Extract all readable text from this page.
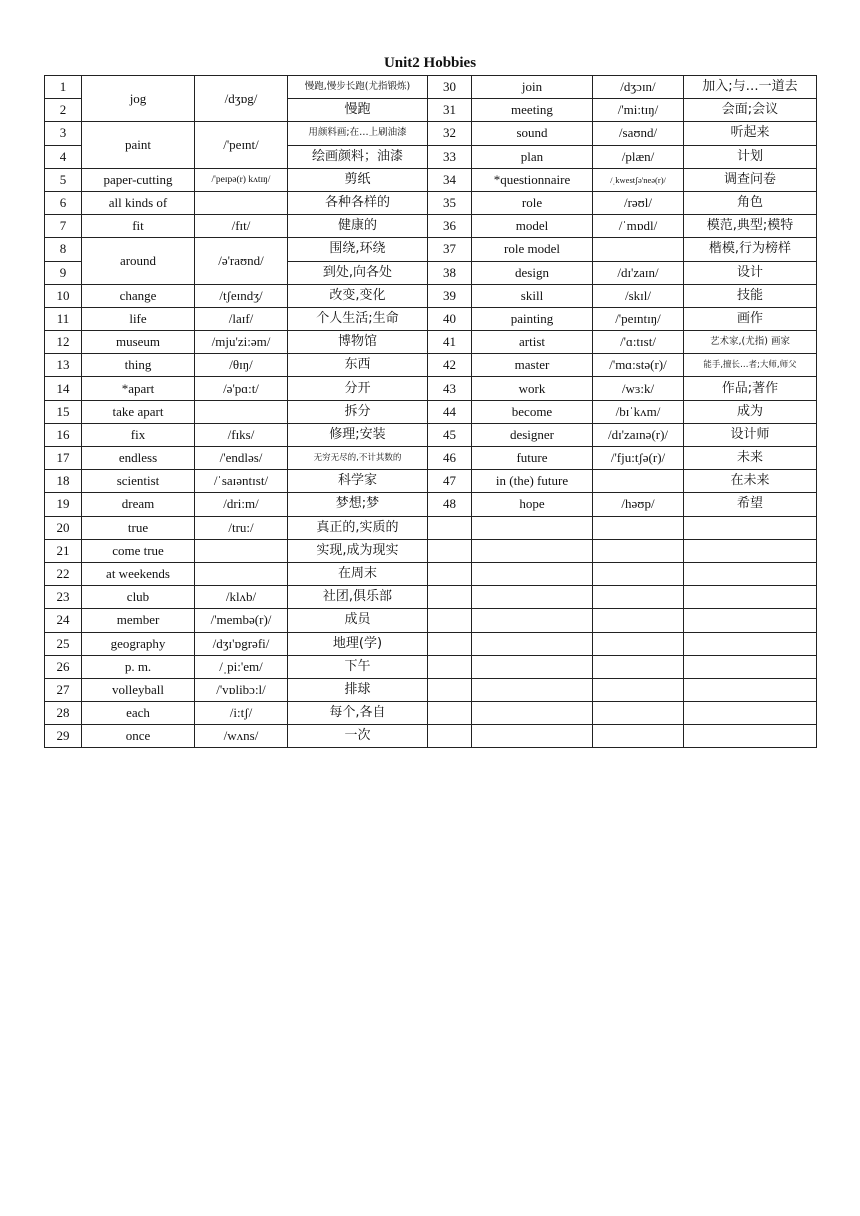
Unit2 Hobbies
1	jog	/dʒɒg/	慢跑,慢步长跑(尤指锻炼)	30	join	/dʒɔɪn/	加入;与…一道去
2			慢跑	31	meeting	/'mi:tɪŋ/	会面;会议
3	paint	/'peɪnt/	用颜料画;在…上刷油漆	32	sound	/saʊnd/	听起来
4			绘画颜料；油漆	33	plan	/plæn/	计划
5	paper-cutting	/'peɪpə(r) kʌtɪŋ/	剪纸	34	*questionnaire	/ˌkwestʃə'neə(r)/	调查问卷
6	all kinds of		各种各样的	35	role	/rəʊl/	角色
7	fit	/fɪt/	健康的	36	model	/ˈmɒdl/	模范,典型;模特
8	around	/ə'raʊnd/	围绕,环绕	37	role model		楷模,行为榜样
9			到处,向各处	38	design	/dɪ'zaɪn/	设计
10	change	/tʃeɪndʒ/	改变,变化	39	skill	/skɪl/	技能
11	life	/laɪf/	个人生活;生命	40	painting	/'peɪntɪŋ/	画作
12	museum	/mju'zi:əm/	博物馆	41	artist	/'ɑ:tɪst/	艺术家,(尤指) 画家
13	thing	/θɪŋ/	东西	42	master	/'mɑ:stə(r)/	能手,擅长…者;大师,师父
14	*apart	/ə'pɑ:t/	分开	43	work	/wɜ:k/	作品;著作
15	take apart		拆分	44	become	/bɪˈkʌm/	成为
16	fix	/fɪks/	修理;安装	45	designer	/dɪ'zaɪnə(r)/	设计师
17	endless	/'endləs/	无穷无尽的,不计其数的	46	future	/'fju:tʃə(r)/	未来
18	scientist	/ˈsaɪəntɪst/	科学家	47	in (the) future		在未来
19	dream	/dri:m/	梦想;梦	48	hope	/həʊp/	希望
20	true	/tru:/	真正的,实质的				
21	come true		实现,成为现实				
22	at weekends		在周末				
23	club	/klʌb/	社团,俱乐部				
24	member	/'membə(r)/	成员				
25	geography	/dʒɪ'ɒgrəfi/	地理(学)				
26	p. m.	/ˌpi:'em/	下午				
27	volleyball	/'vɒlibɔ:l/	排球				
28	each	/i:tʃ/	每个,各自				
29	once	/wʌns/	一次				
